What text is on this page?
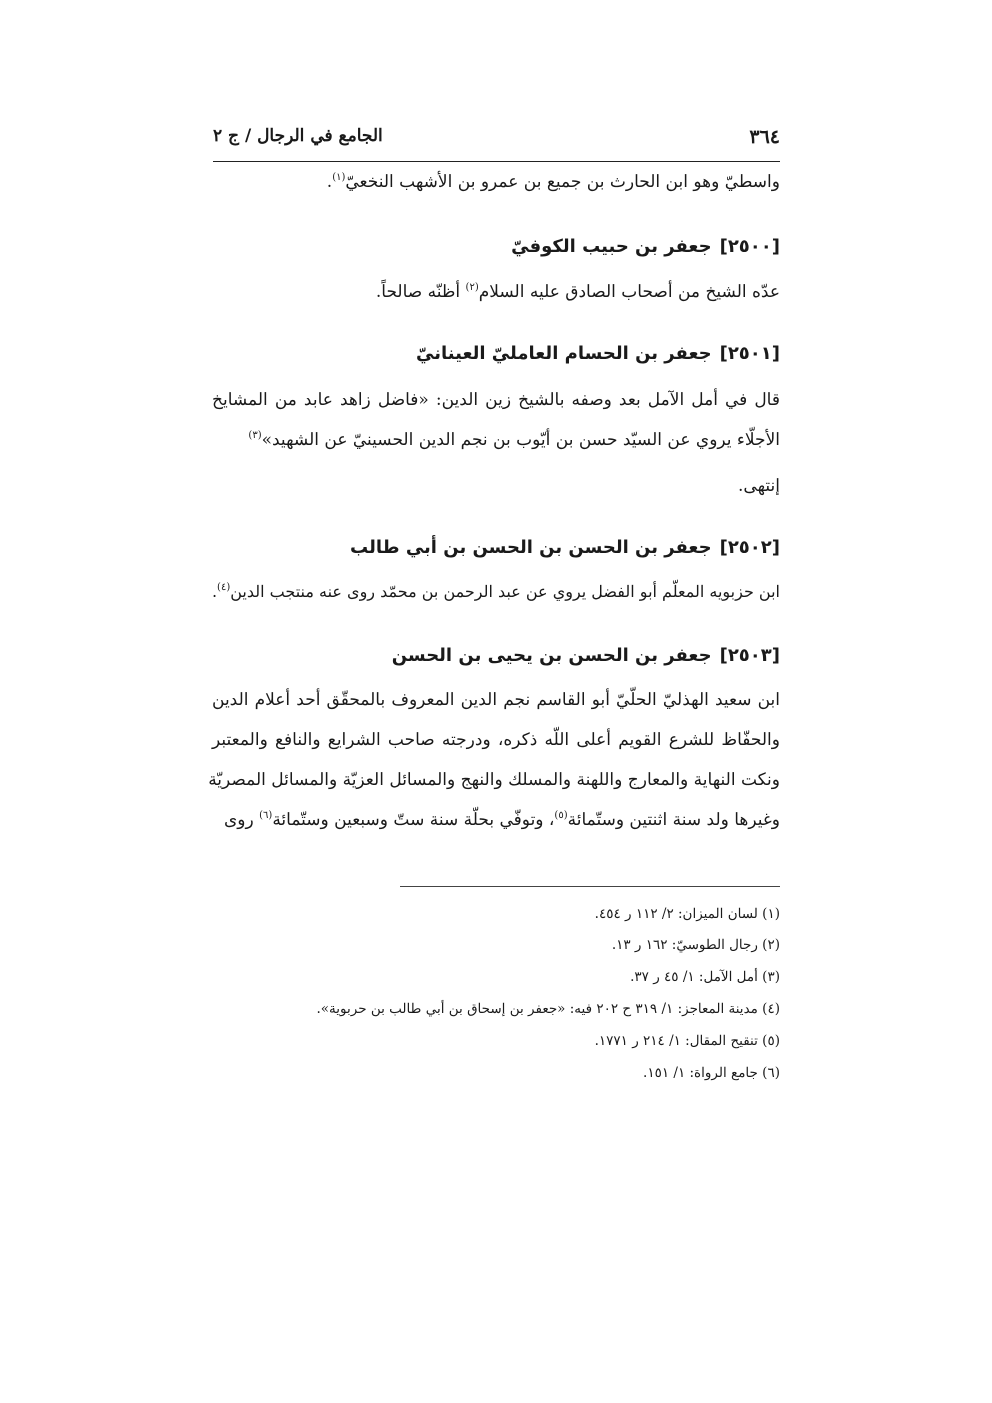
٣٦٤
الجامع في الرجال / ج ٢
واسطيّ وهو ابن الحارث بن جميع بن عمرو بن الأشهب النخعيّ$^{(١)}$.
[٢٥٠٠]جعفر بن حبيب الكوفيّ
عدّه الشيخ من أصحاب الصادق عليه السلام$^{(٢)}$ أظنّه صالحاً.
[٢٥٠١]جعفر بن الحسام العامليّ العينانيّ
قال في أمل الآمل بعد وصفه بالشيخ زين الدين: «فاضل زاهد عابد من المشايخ
الأجلّاء يروي عن السيّد حسن بن أيّوب بن نجم الدين الحسينيّ عن الشهيد»$^{(٣)}$
إنتهى.
[٢٥٠٢]جعفر بن الحسن بن الحسن بن أبي طالب
ابن حزبويه المعلّم أبو الفضل يروي عن عبد الرحمن بن محمّد روى عنه منتجب الدين$^{(٤)}$.
[٢٥٠٣]جعفر بن الحسن بن يحيى بن الحسن
ابن سعيد الهذليّ الحلّيّ أبو القاسم نجم الدين المعروف بالمحقّق أحد أعلام الدين
والحفّاظ للشرع القويم أعلى اللّه ذكره، ودرجته صاحب الشرايع والنافع والمعتبر
ونكت النهاية والمعارج واللهنة والمسلك والنهج والمسائل العزيّة والمسائل المصريّة
وغيرها ولد سنة اثنتين وستّمائة$^{(٥)}$، وتوفّي بحلّة سنة ستّ وسبعين وستّمائة$^{(٦)}$ روى
(١) لسان الميزان: ٢/ ١١٢ ر ٤٥٤.
(٢) رجال الطوسيّ: ١٦٢ ر ١٣.
(٣) أمل الآمل: ١/ ٤٥ ر ٣٧.
(٤) مدينة المعاجز: ١/ ٣١٩ ح ٢٠٢ فيه: «جعفر بن إسحاق بن أبي طالب بن حربوية».
(٥) تنقيح المقال: ١/ ٢١٤ ر ١٧٧١.
(٦) جامع الرواة: ١/ ١٥١.
